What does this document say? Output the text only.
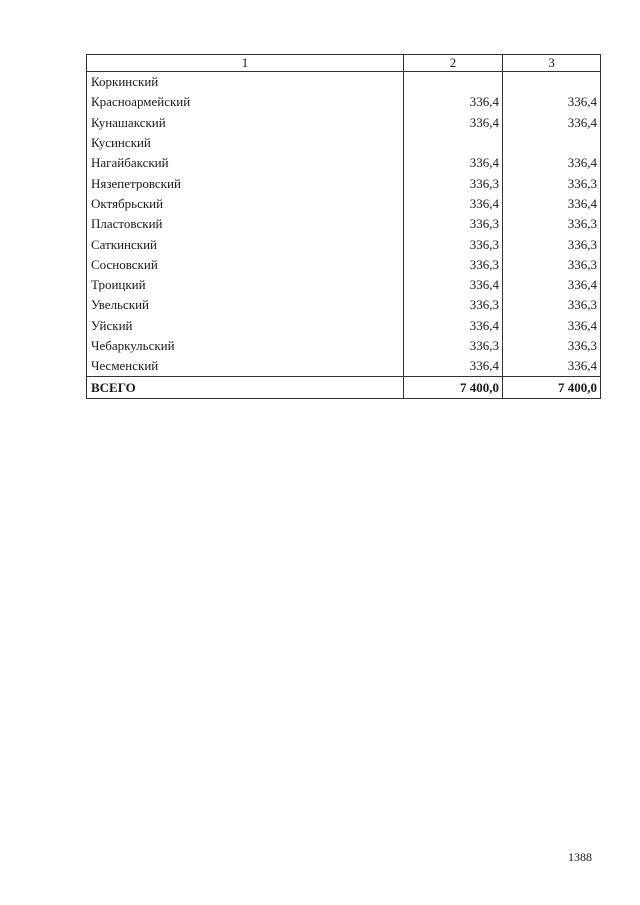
1	2	3
Коркинский		
Красноармейский	336,4	336,4
Кунашакский	336,4	336,4
Кусинский		
Нагайбакский	336,4	336,4
Нязепетровский	336,3	336,3
Октябрьский	336,4	336,4
Пластовский	336,3	336,3
Саткинский	336,3	336,3
Сосновский	336,3	336,3
Троицкий	336,4	336,4
Увельский	336,3	336,3
Уйский	336,4	336,4
Чебаркульский	336,3	336,3
Чесменский	336,4	336,4
ВСЕГО	7 400,0	7 400,0
1388
